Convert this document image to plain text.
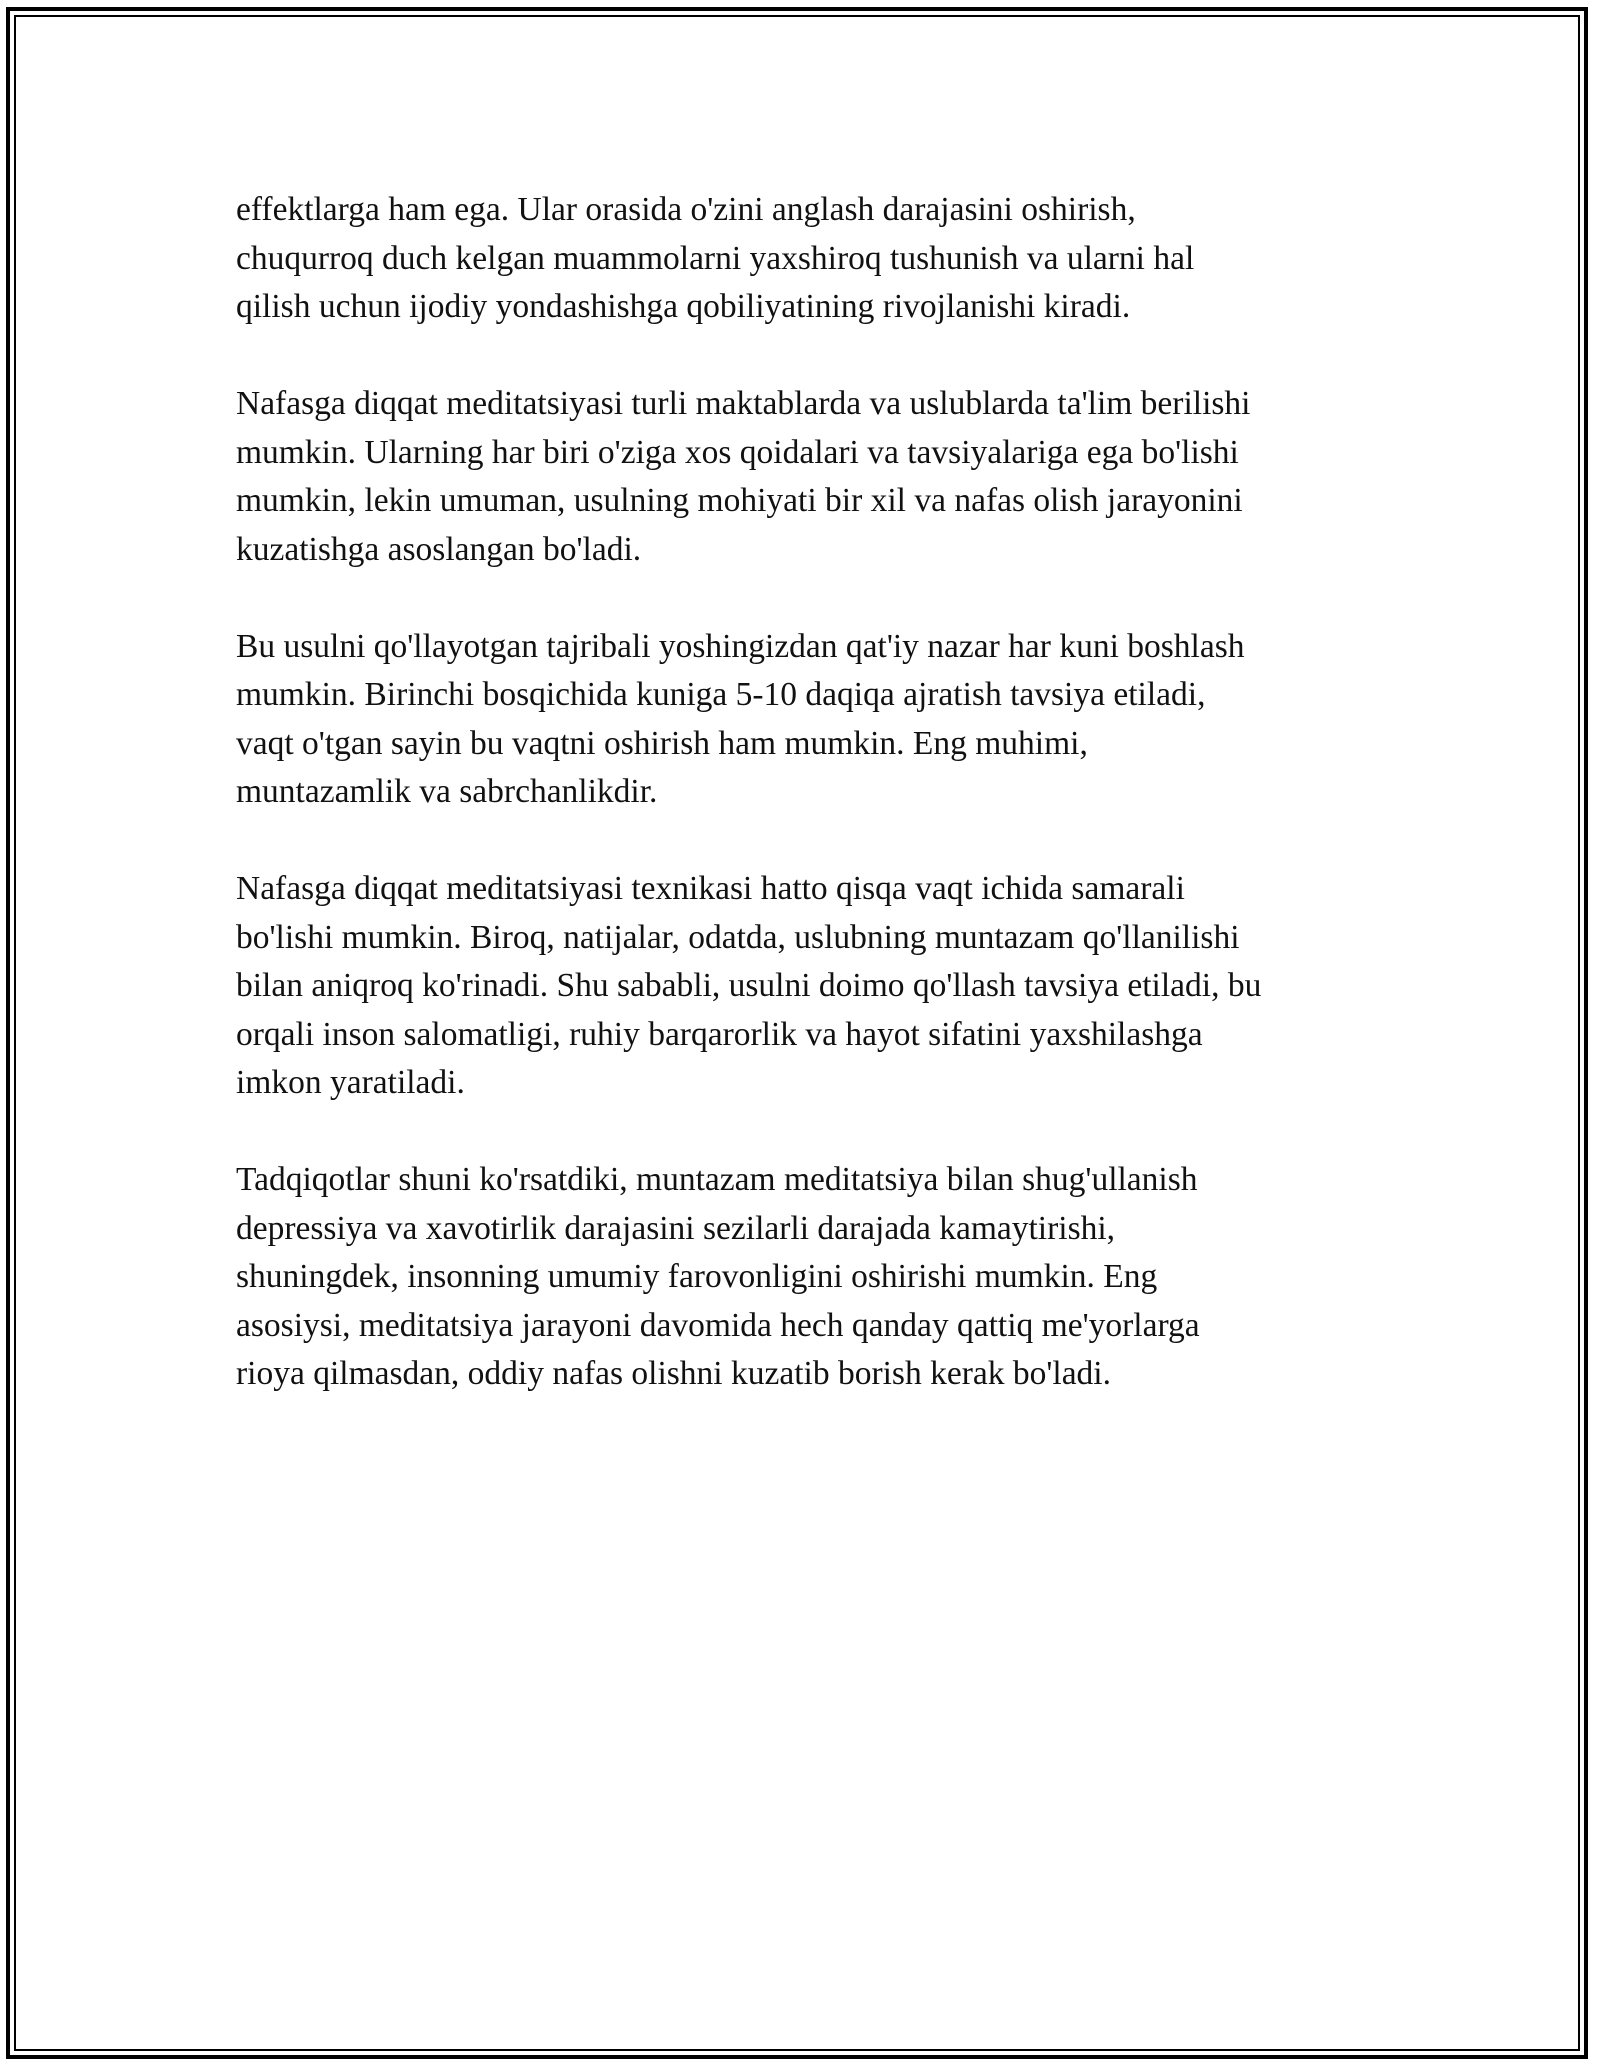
effektlarga ham ega. Ular orasida o'zini anglash darajasini oshirish,
chuqurroq duch kelgan muammolarni yaxshiroq tushunish va ularni hal
qilish uchun ijodiy yondashishga qobiliyatining rivojlanishi kiradi.

Nafasga diqqat meditatsiyasi turli maktablarda va uslublarda ta'lim berilishi
mumkin. Ularning har biri o'ziga xos qoidalari va tavsiyalariga ega bo'lishi
mumkin, lekin umuman, usulning mohiyati bir xil va nafas olish jarayonini
kuzatishga asoslangan bo'ladi.

Bu usulni qo'llayotgan tajribali yoshingizdan qat'iy nazar har kuni boshlash
mumkin. Birinchi bosqichida kuniga 5-10 daqiqa ajratish tavsiya etiladi,
vaqt o'tgan sayin bu vaqtni oshirish ham mumkin. Eng muhimi,
muntazamlik va sabrchanlikdir.

Nafasga diqqat meditatsiyasi texnikasi hatto qisqa vaqt ichida samarali
bo'lishi mumkin. Biroq, natijalar, odatda, uslubning muntazam qo'llanilishi
bilan aniqroq ko'rinadi. Shu sababli, usulni doimo qo'llash tavsiya etiladi, bu
orqali inson salomatligi, ruhiy barqarorlik va hayot sifatini yaxshilashga
imkon yaratiladi.

Tadqiqotlar shuni ko'rsatdiki, muntazam meditatsiya bilan shug'ullanish
depressiya va xavotirlik darajasini sezilarli darajada kamaytirishi,
shuningdek, insonning umumiy farovonligini oshirishi mumkin. Eng
asosiysi, meditatsiya jarayoni davomida hech qanday qattiq me'yorlarga
rioya qilmasdan, oddiy nafas olishni kuzatib borish kerak bo'ladi.
